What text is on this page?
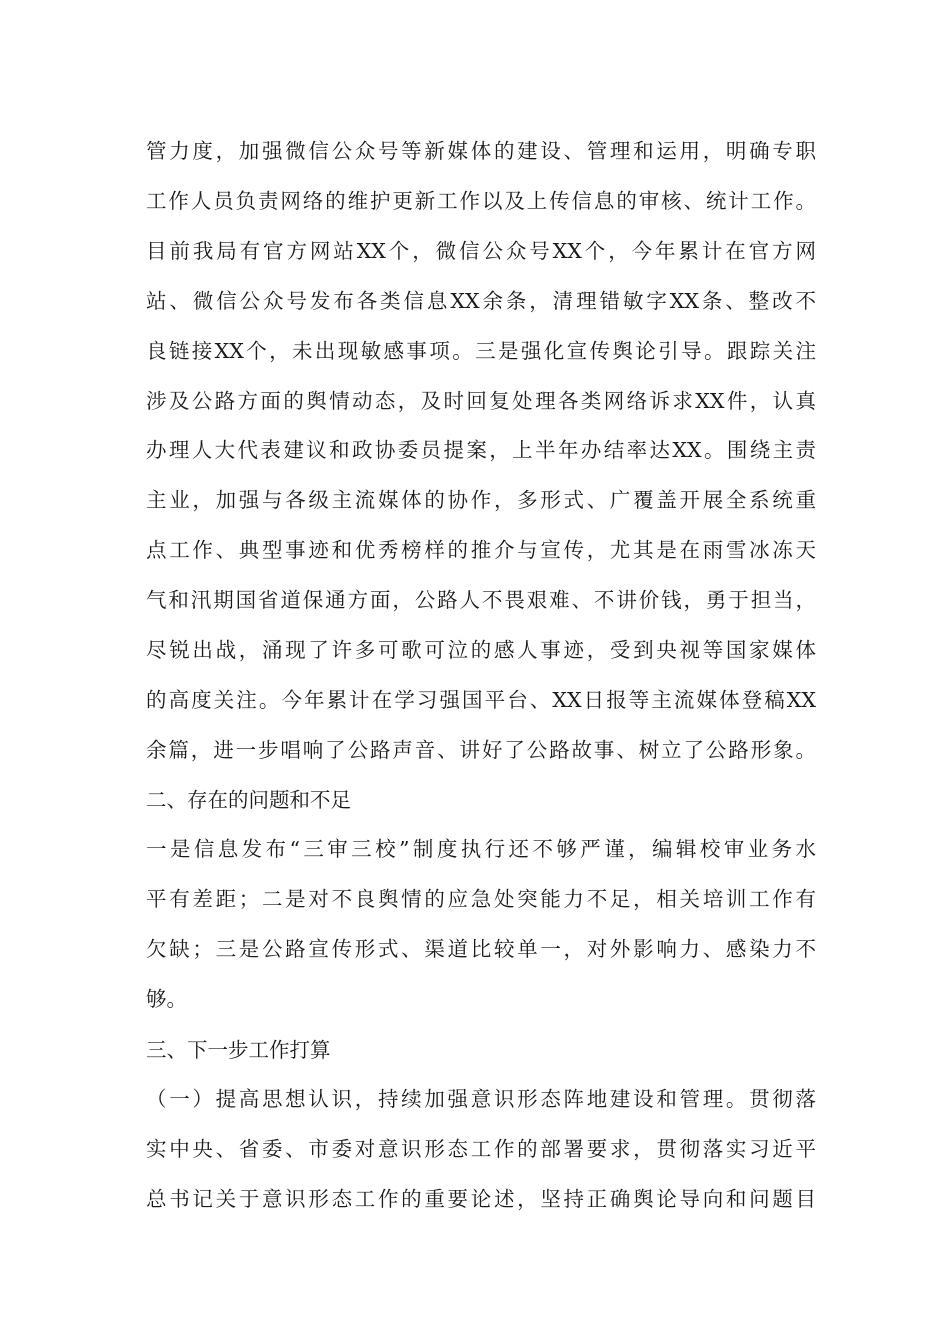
管力度，加强微信公众号等新媒体的建设、管理和运用，明确专职
工作人员负责网络的维护更新工作以及上传信息的审核、统计工作。
目前我局有官方网站XX个，微信公众号XX个，今年累计在官方网
站、微信公众号发布各类信息XX余条，清理错敏字XX条、整改不
良链接XX个，未出现敏感事项。三是强化宣传舆论引导。跟踪关注
涉及公路方面的舆情动态，及时回复处理各类网络诉求XX件，认真
办理人大代表建议和政协委员提案，上半年办结率达XX。围绕主责
主业，加强与各级主流媒体的协作，多形式、广覆盖开展全系统重
点工作、典型事迹和优秀榜样的推介与宣传，尤其是在雨雪冰冻天
气和汛期国省道保通方面，公路人不畏艰难、不讲价钱，勇于担当，
尽锐出战，涌现了许多可歌可泣的感人事迹，受到央视等国家媒体
的高度关注。今年累计在学习强国平台、XX日报等主流媒体登稿XX
余篇，进一步唱响了公路声音、讲好了公路故事、树立了公路形象。
二、存在的问题和不足
一是信息发布“三审三校”制度执行还不够严谨，编辑校审业务水
平有差距；二是对不良舆情的应急处突能力不足，相关培训工作有
欠缺；三是公路宣传形式、渠道比较单一，对外影响力、感染力不
够。
三、下一步工作打算
（一）提高思想认识，持续加强意识形态阵地建设和管理。贯彻落
实中央、省委、市委对意识形态工作的部署要求，贯彻落实习近平
总书记关于意识形态工作的重要论述，坚持正确舆论导向和问题目
